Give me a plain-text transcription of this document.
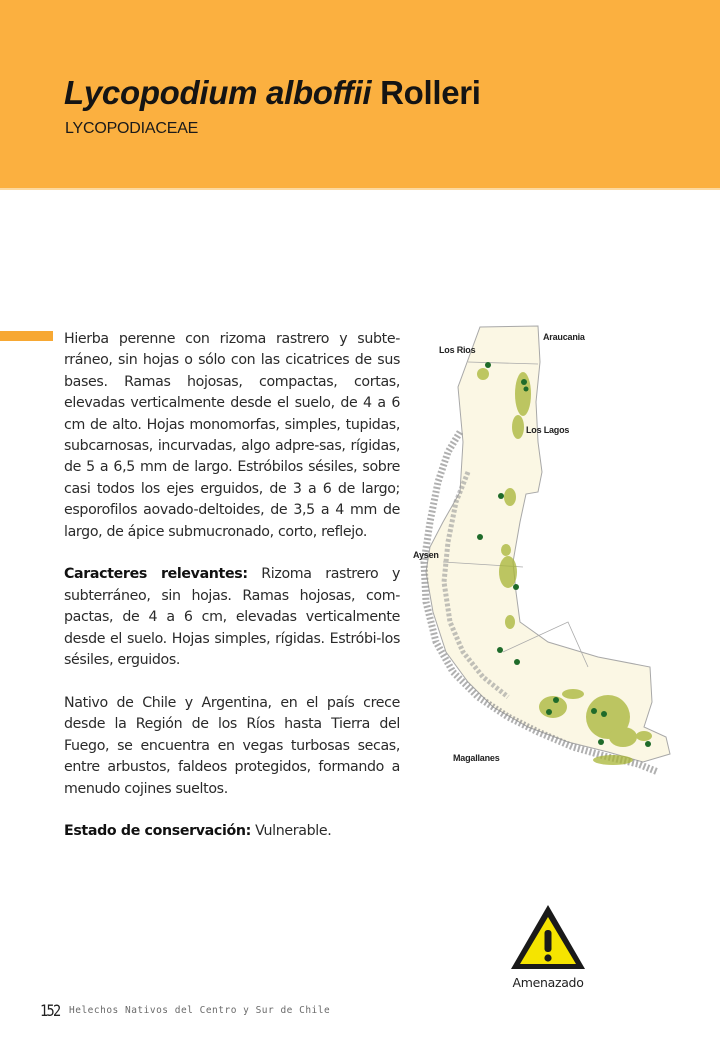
Lycopodium alboffii Rolleri
LYCOPODIACEAE

Hierba perenne con rizoma rastrero y subte-rráneo, sin hojas o sólo con las cicatrices de sus bases. Ramas hojosas, compactas, cortas, elevadas verticalmente desde el suelo, de 4 a 6 cm de alto. Hojas monomorfas, simples, tupidas, subcarnosas, incurvadas, algo adpre-sas, rígidas, de 5 a 6,5 mm de largo. Estróbilos sésiles, sobre casi todos los ejes erguidos, de 3 a 6 de largo; esporofilos aovado-deltoides, de 3,5 a 4 mm de largo, de ápice submucronado, corto, reflejo.

Caracteres relevantes: Rizoma rastrero y subterráneo, sin hojas. Ramas hojosas, com-pactas, de 4 a 6 cm, elevadas verticalmente desde el suelo. Hojas simples, rígidas. Estróbi-los sésiles, erguidos.

Nativo de Chile y Argentina, en el país crece desde la Región de los Ríos hasta Tierra del Fuego, se encuentra en vegas turbosas secas, entre arbustos, faldeos protegidos, formando a menudo cojines sueltos.

Estado de conservación: Vulnerable.

Araucania
Los Rios
Los Lagos
Aysen
Magallanes
Amenazado
152 Helechos Nativos del Centro y Sur de Chile
